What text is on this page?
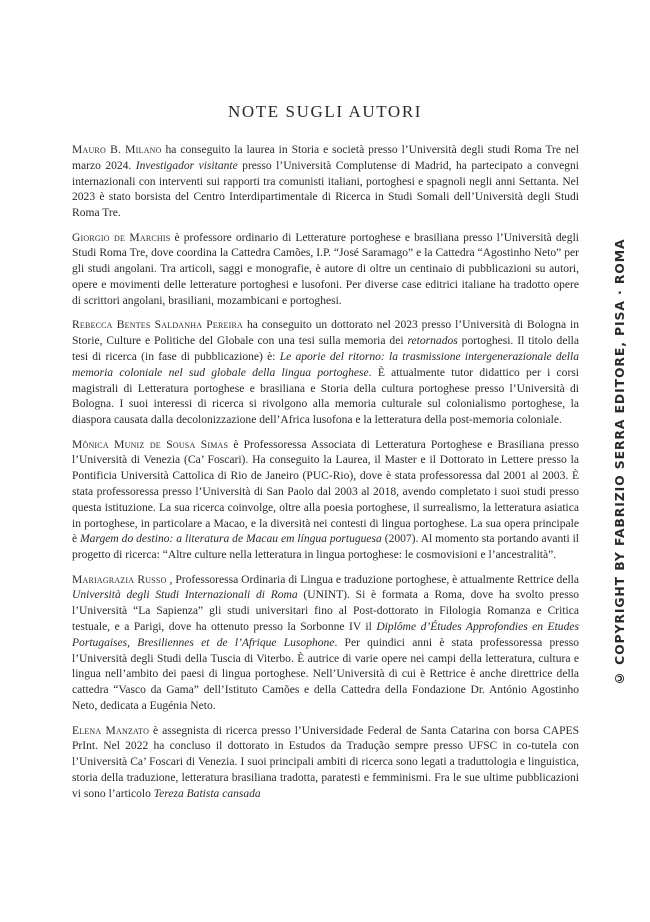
NOTE SUGLI AUTORI

Mauro B. Milano ha conseguito la laurea in Storia e società presso l’Università degli studi Roma Tre nel marzo 2024. Investigador visitante presso l’Università Complutense di Madrid, ha partecipato a convegni internazionali con interventi sui rapporti tra comunisti italiani, portoghesi e spagnoli negli anni Settanta. Nel 2023 è stato borsista del Centro Interdipartimentale di Ricerca in Studi Somali dell’Università degli Studi Roma Tre.

Giorgio de Marchis è professore ordinario di Letterature portoghese e brasiliana presso l’Università degli Studi Roma Tre, dove coordina la Cattedra Camões, I.P. “José Saramago” e la Cattedra “Agostinho Neto” per gli studi angolani. Tra articoli, saggi e monografie, è autore di oltre un centinaio di pubblicazioni su autori, opere e movimenti delle letterature portoghesi e lusofoni. Per diverse case editrici italiane ha tradotto opere di scrittori angolani, brasiliani, mozambicani e portoghesi.

Rebecca Bentes Saldanha Pereira ha conseguito un dottorato nel 2023 presso l’Università di Bologna in Storie, Culture e Politiche del Globale con una tesi sulla memoria dei retornados portoghesi. Il titolo della tesi di ricerca (in fase di pubblicazione) è: Le aporie del ritorno: la trasmissione intergenerazionale della memoria coloniale nel sud globale della lingua portoghese. È attualmente tutor didattico per i corsi magistrali di Letteratura portoghese e brasiliana e Storia della cultura portoghese presso l’Università di Bologna. I suoi interessi di ricerca si rivolgono alla memoria culturale sul colonialismo portoghese, la diaspora causata dalla decolonizzazione dell’Africa lusofona e la letteratura della post-memoria coloniale.

Mônica Muniz de Sousa Simas è Professoressa Associata di Letteratura Portoghese e Brasiliana presso l’Università di Venezia (Ca’ Foscari). Ha conseguito la Laurea, il Master e il Dottorato in Lettere presso la Pontificia Università Cattolica di Rio de Janeiro (PUC-Rio), dove è stata professoressa dal 2001 al 2003. È stata professoressa presso l’Università di San Paolo dal 2003 al 2018, avendo completato i suoi studi presso questa istituzione. La sua ricerca coinvolge, oltre alla poesia portoghese, il surrealismo, la letteratura asiatica in portoghese, in particolare a Macao, e la diversità nei contesti di lingua portoghese. La sua opera principale è Margem do destino: a literatura de Macau em língua portuguesa (2007). Al momento sta portando avanti il progetto di ricerca: “Altre culture nella letteratura in lingua portoghese: le cosmovisioni e l’ancestralità”.

Mariagrazia Russo , Professoressa Ordinaria di Lingua e traduzione portoghese, è attualmente Rettrice della Università degli Studi Internazionali di Roma (UNINT). Si è formata a Roma, dove ha svolto presso l’Università “La Sapienza” gli studi universitari fino al Post-dottorato in Filologia Romanza e Critica testuale, e a Parigi, dove ha ottenuto presso la Sorbonne IV il Diplôme d’Études Approfondies en Etudes Portugaises, Bresiliennes et de l’Afrique Lusophone. Per quindici anni è stata professoressa presso l’Università degli Studi della Tuscia di Viterbo. È autrice di varie opere nei campi della letteratura, cultura e lingua nell’ambito dei paesi di lingua portoghese. Nell’Università di cui è Rettrice è anche direttrice della cattedra “Vasco da Gama” dell’Istituto Camões e della Cattedra della Fondazione Dr. António Agostinho Neto, dedicata a Eugénia Neto.

Elena Manzato è assegnista di ricerca presso l’Universidade Federal de Santa Catarina con borsa CAPES PrInt. Nel 2022 ha concluso il dottorato in Estudos da Tradução sempre presso UFSC in co-tutela con l’Università Ca’ Foscari di Venezia. I suoi principali ambiti di ricerca sono legati a traduttologia e linguistica, storia della traduzione, letteratura brasiliana tradotta, paratesti e femminismi. Fra le sue ultime pubblicazioni vi sono l’articolo Tereza Batista cansada

© COPYRIGHT BY FABRIZIO SERRA EDITORE, PISA · ROMA
